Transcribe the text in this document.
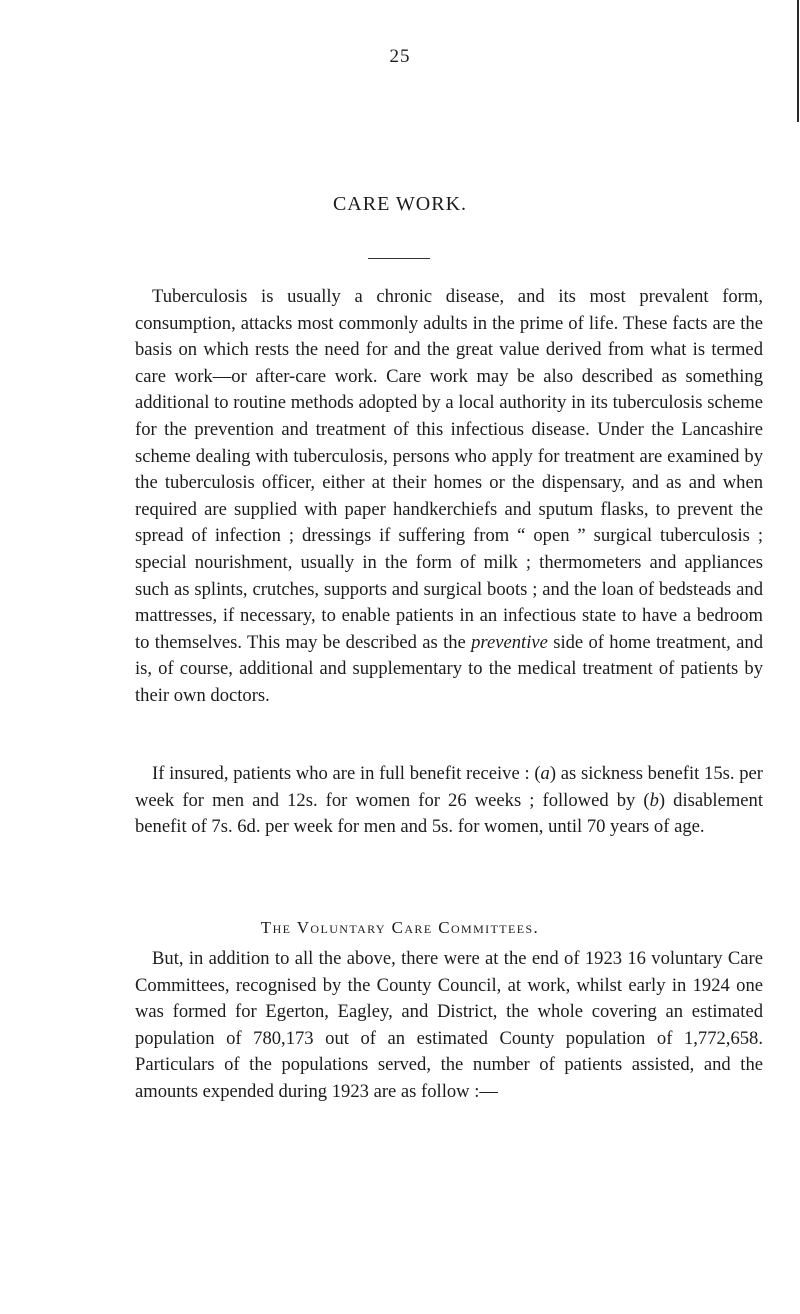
25
CARE WORK.

Tuberculosis is usually a chronic disease, and its most prevalent form, consumption, attacks most commonly adults in the prime of life. These facts are the basis on which rests the need for and the great value derived from what is termed care work—or after-care work. Care work may be also described as something additional to routine methods adopted by a local authority in its tuberculosis scheme for the prevention and treatment of this infectious disease. Under the Lancashire scheme dealing with tuberculosis, persons who apply for treatment are examined by the tuberculosis officer, either at their homes or the dispensary, and as and when required are supplied with paper handkerchiefs and sputum flasks, to prevent the spread of infection ; dressings if suffering from “ open ” surgical tuberculosis ; special nourishment, usually in the form of milk ; thermometers and appliances such as splints, crutches, supports and surgical boots ; and the loan of bedsteads and mattresses, if necessary, to enable patients in an infectious state to have a bedroom to themselves. This may be described as the preventive side of home treatment, and is, of course, additional and supplementary to the medical treatment of patients by their own doctors.

If insured, patients who are in full benefit receive : (a) as sickness benefit 15s. per week for men and 12s. for women for 26 weeks ; followed by (b) disablement benefit of 7s. 6d. per week for men and 5s. for women, until 70 years of age.

The Voluntary Care Committees.

But, in addition to all the above, there were at the end of 1923 16 voluntary Care Committees, recognised by the County Council, at work, whilst early in 1924 one was formed for Egerton, Eagley, and District, the whole covering an estimated population of 780,173 out of an estimated County population of 1,772,658. Particulars of the populations served, the number of patients assisted, and the amounts expended during 1923 are as follow :—
